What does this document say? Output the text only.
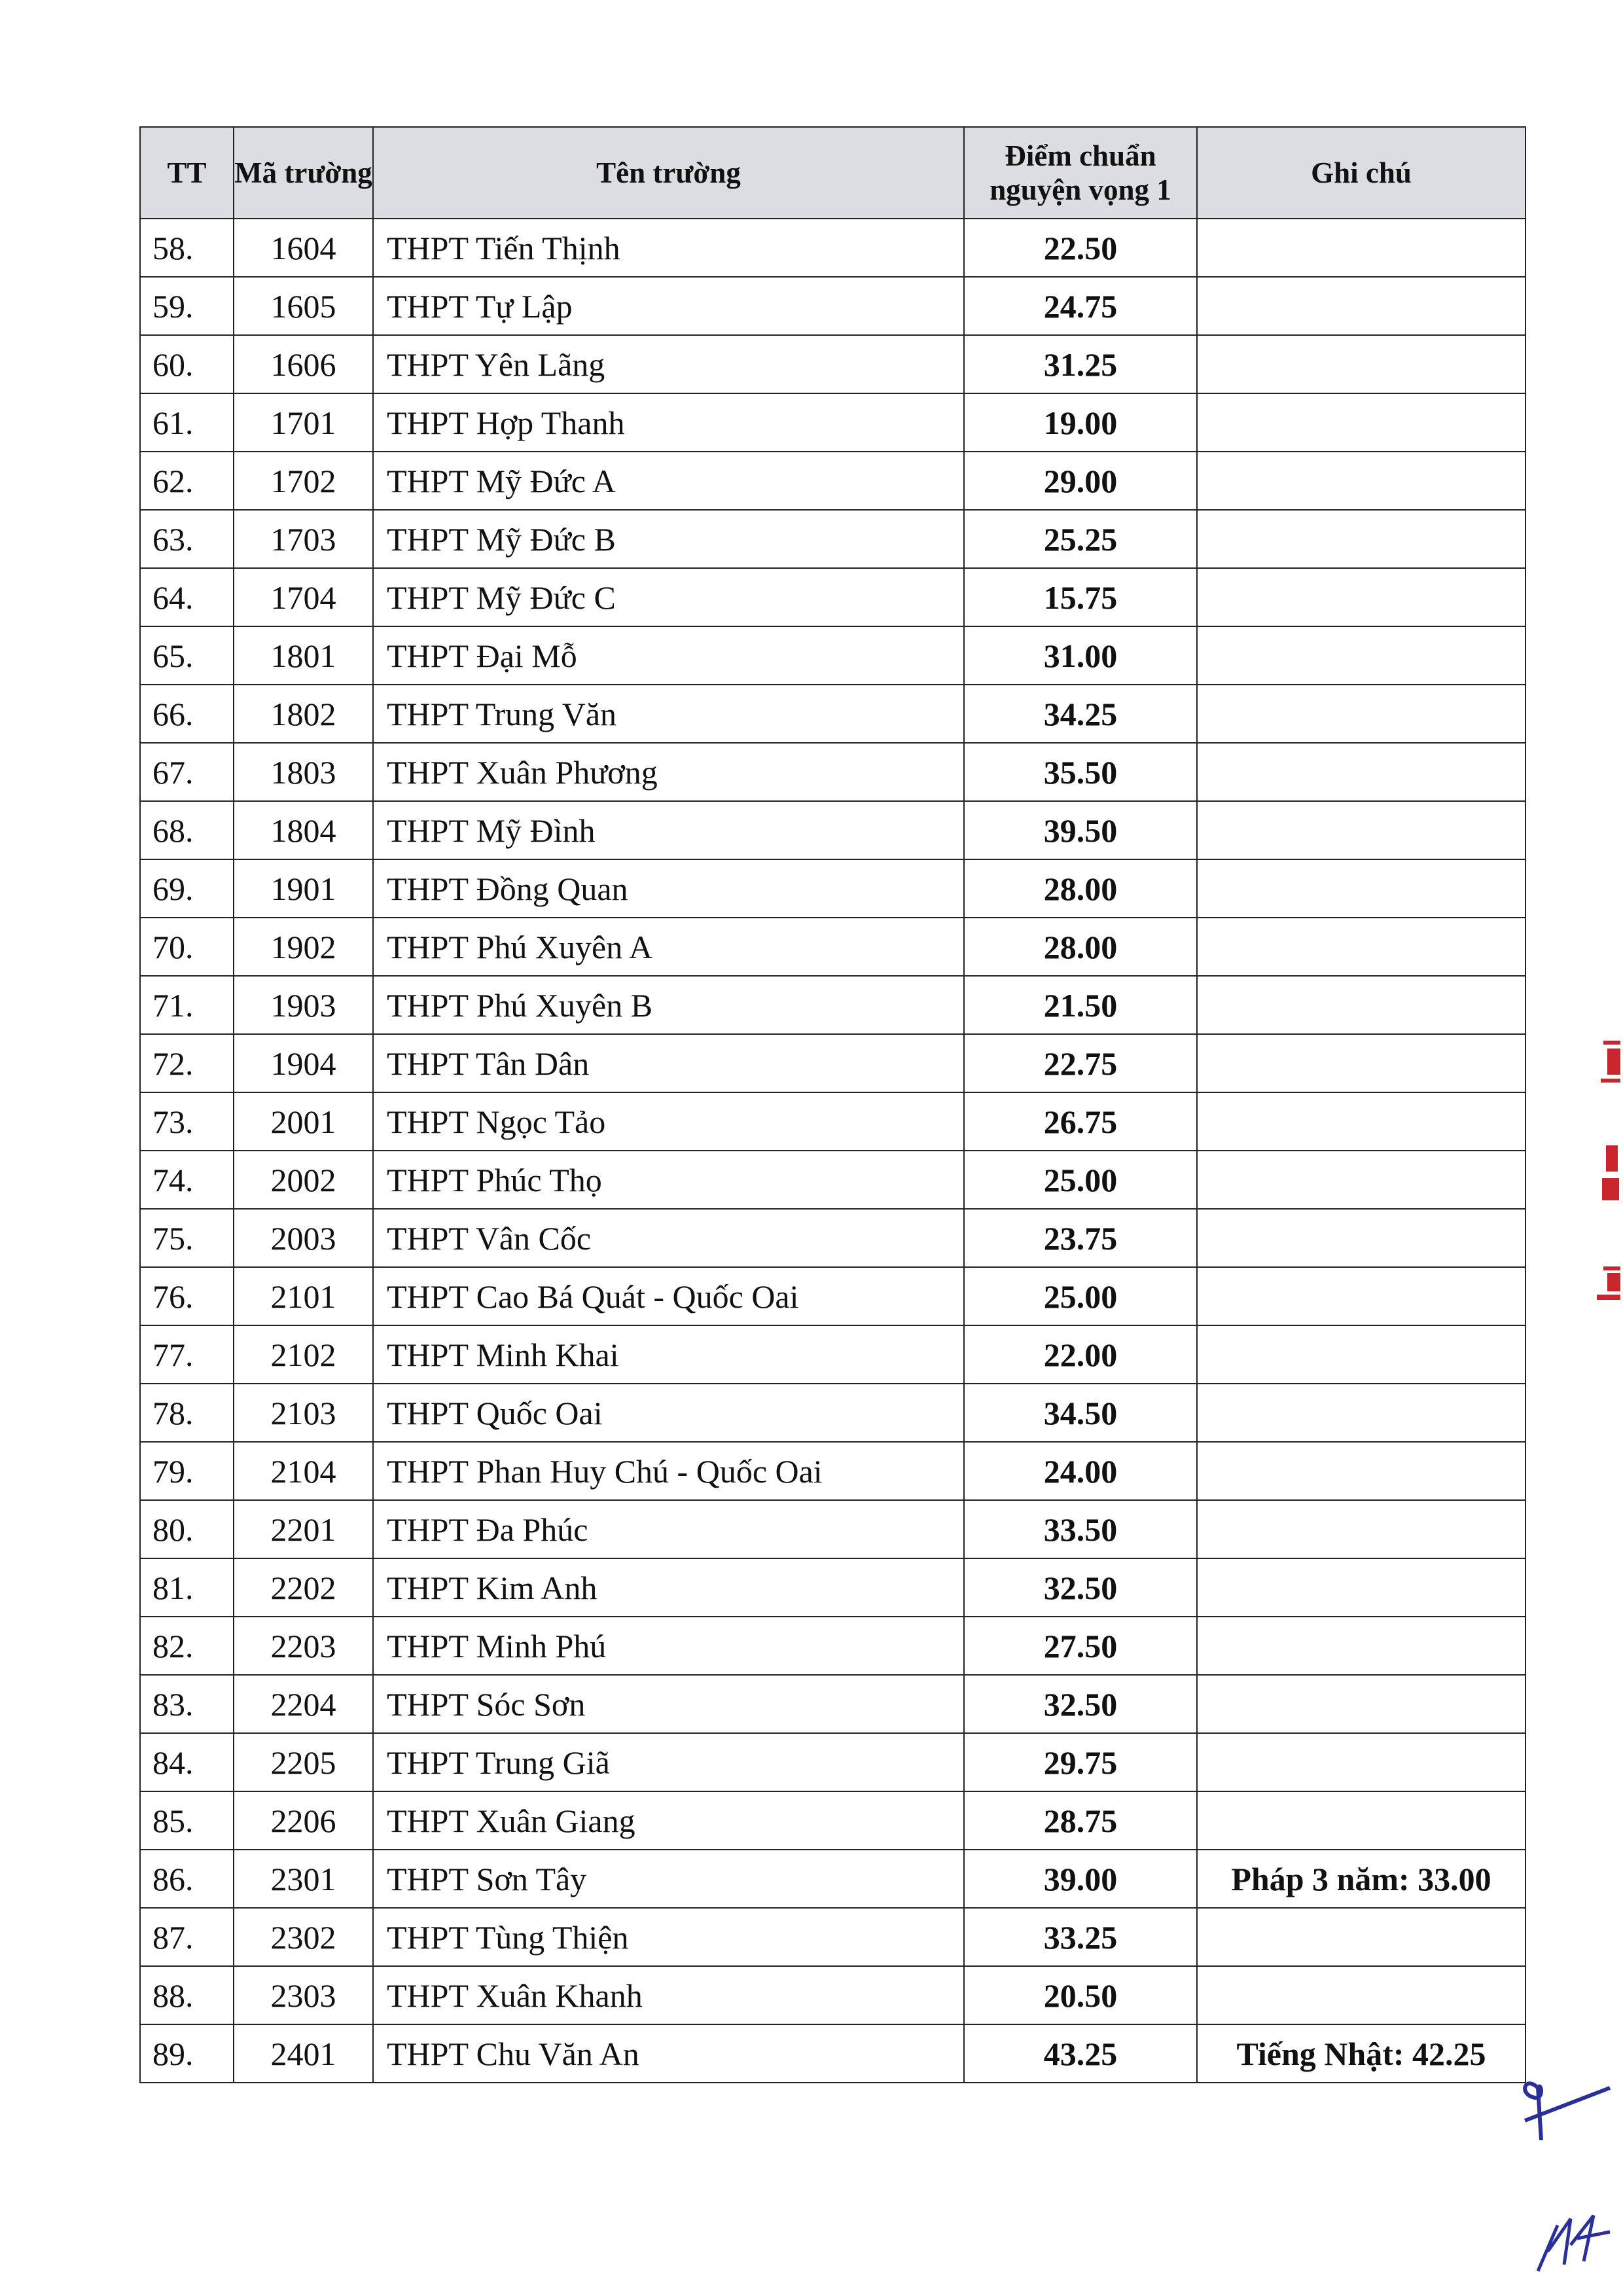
TT	Mã trường	Tên trường	Điểm chuẩn nguyện vọng 1	Ghi chú
58.	1604	THPT Tiến Thịnh	22.50	
59.	1605	THPT Tự Lập	24.75	
60.	1606	THPT Yên Lãng	31.25	
61.	1701	THPT Hợp Thanh	19.00	
62.	1702	THPT Mỹ Đức A	29.00	
63.	1703	THPT Mỹ Đức B	25.25	
64.	1704	THPT Mỹ Đức C	15.75	
65.	1801	THPT Đại Mỗ	31.00	
66.	1802	THPT Trung Văn	34.25	
67.	1803	THPT Xuân Phương	35.50	
68.	1804	THPT Mỹ Đình	39.50	
69.	1901	THPT Đồng Quan	28.00	
70.	1902	THPT Phú Xuyên A	28.00	
71.	1903	THPT Phú Xuyên B	21.50	
72.	1904	THPT Tân Dân	22.75	
73.	2001	THPT Ngọc Tảo	26.75	
74.	2002	THPT Phúc Thọ	25.00	
75.	2003	THPT Vân Cốc	23.75	
76.	2101	THPT Cao Bá Quát - Quốc Oai	25.00	
77.	2102	THPT Minh Khai	22.00	
78.	2103	THPT Quốc Oai	34.50	
79.	2104	THPT Phan Huy Chú - Quốc Oai	24.00	
80.	2201	THPT Đa Phúc	33.50	
81.	2202	THPT Kim Anh	32.50	
82.	2203	THPT Minh Phú	27.50	
83.	2204	THPT Sóc Sơn	32.50	
84.	2205	THPT Trung Giã	29.75	
85.	2206	THPT Xuân Giang	28.75	
86.	2301	THPT Sơn Tây	39.00	Pháp 3 năm: 33.00
87.	2302	THPT Tùng Thiện	33.25	
88.	2303	THPT Xuân Khanh	20.50	
89.	2401	THPT Chu Văn An	43.25	Tiếng Nhật: 42.25
